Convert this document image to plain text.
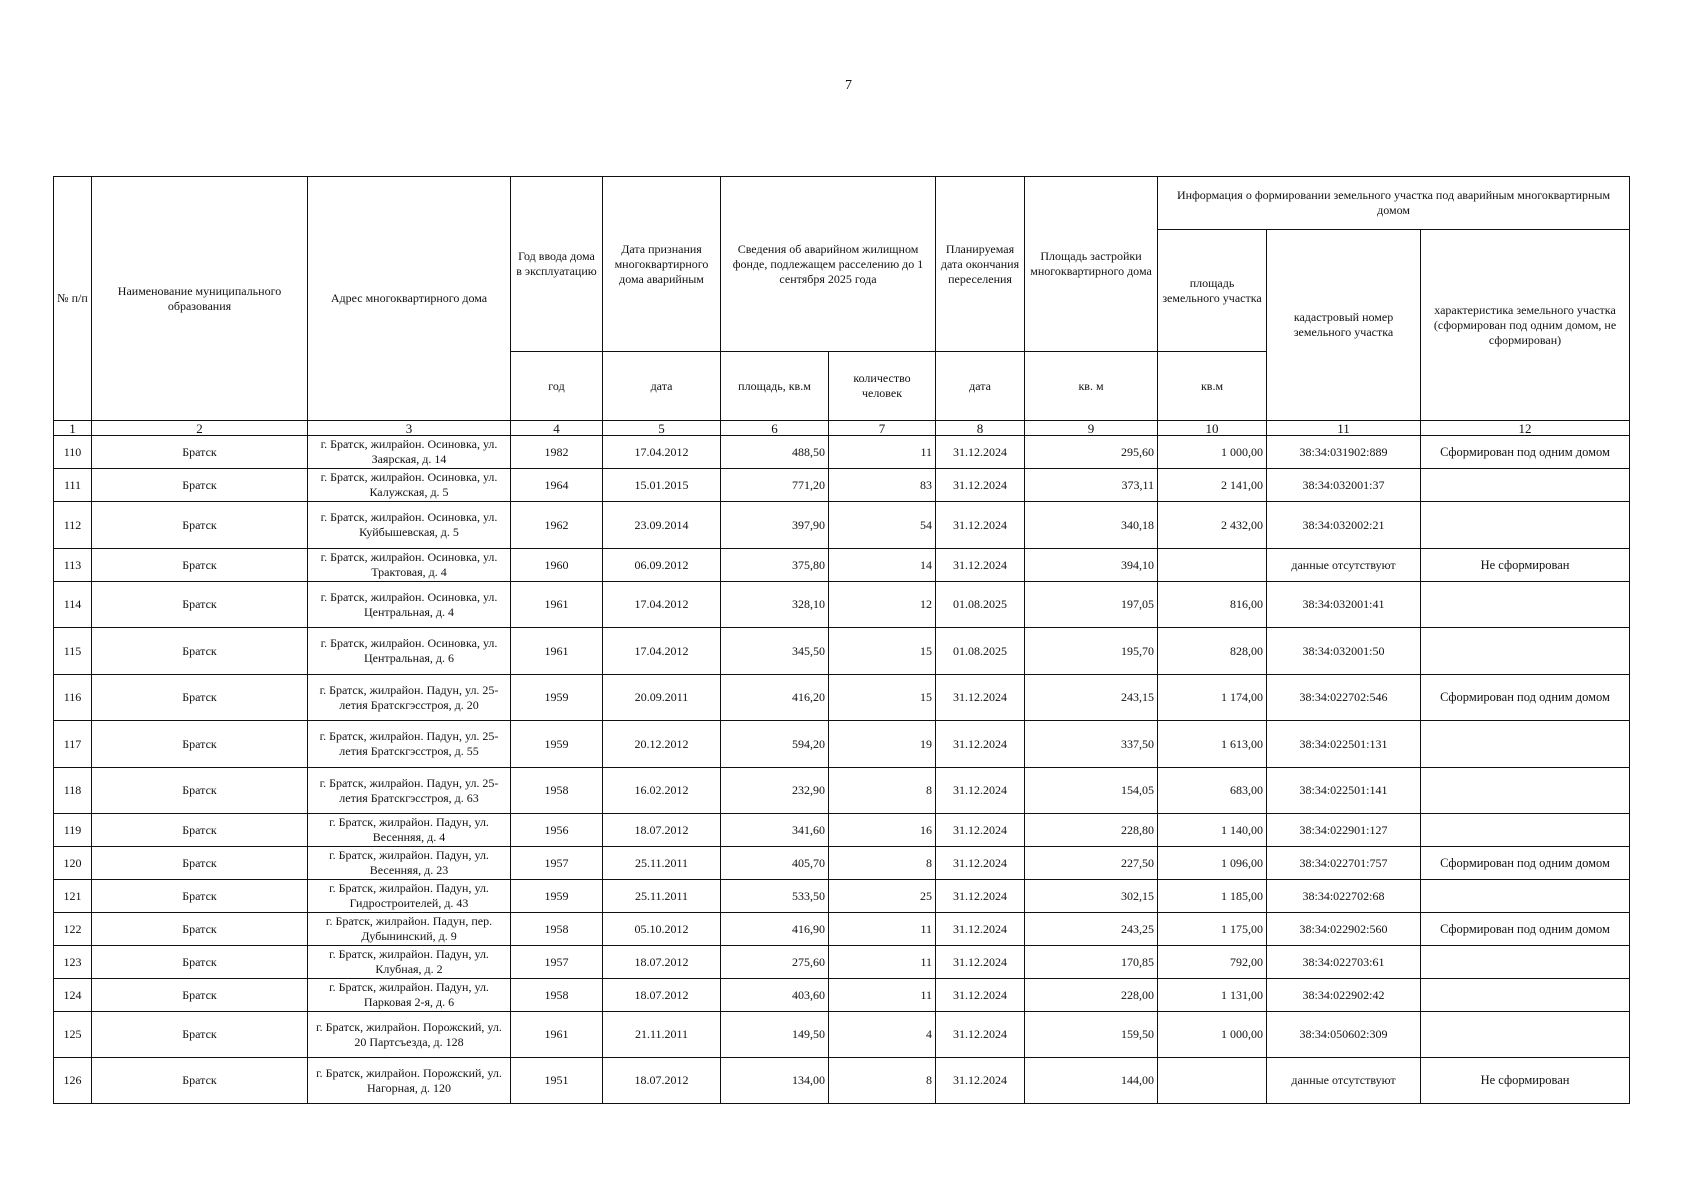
7
№ п/п	Наименование муниципального образования	Адрес многоквартирного дома	Год ввода дома в эксплуатацию	Дата признания многоквартирного дома аварийным	Сведения об аварийном жилищном фонде, подлежащем расселению до 1 сентября 2025 года		Планируемая дата окончания переселения	Площадь застройки многоквартирного дома	Информация о формировании земельного участка под аварийным многоквартирным домом		
									площадь земельного участка	кадастровый номер земельного участка	характеристика земельного участка (сформирован под одним домом, не сформирован)
			год	дата	площадь, кв.м	количество человек	дата	кв. м	кв.м		
1	2	3	4	5	6	7	8	9	10	11	12
110	Братск	г. Братск, жилрайон. Осиновка, ул. Заярская, д. 14	1982	17.04.2012	488,50	11	31.12.2024	295,60	1 000,00	38:34:031902:889	Сформирован под одним домом
111	Братск	г. Братск, жилрайон. Осиновка, ул. Калужская, д. 5	1964	15.01.2015	771,20	83	31.12.2024	373,11	2 141,00	38:34:032001:37	
112	Братск	г. Братск, жилрайон. Осиновка, ул. Куйбышевская, д. 5	1962	23.09.2014	397,90	54	31.12.2024	340,18	2 432,00	38:34:032002:21	
113	Братск	г. Братск, жилрайон. Осиновка, ул. Трактовая, д. 4	1960	06.09.2012	375,80	14	31.12.2024	394,10		данные отсутствуют	Не сформирован
114	Братск	г. Братск, жилрайон. Осиновка, ул. Центральная, д. 4	1961	17.04.2012	328,10	12	01.08.2025	197,05	816,00	38:34:032001:41	
115	Братск	г. Братск, жилрайон. Осиновка, ул. Центральная, д. 6	1961	17.04.2012	345,50	15	01.08.2025	195,70	828,00	38:34:032001:50	
116	Братск	г. Братск, жилрайон. Падун, ул. 25-летия Братскгэсстроя, д. 20	1959	20.09.2011	416,20	15	31.12.2024	243,15	1 174,00	38:34:022702:546	Сформирован под одним домом
117	Братск	г. Братск, жилрайон. Падун, ул. 25-летия Братскгэсстроя, д. 55	1959	20.12.2012	594,20	19	31.12.2024	337,50	1 613,00	38:34:022501:131	
118	Братск	г. Братск, жилрайон. Падун, ул. 25-летия Братскгэсстроя, д. 63	1958	16.02.2012	232,90	8	31.12.2024	154,05	683,00	38:34:022501:141	
119	Братск	г. Братск, жилрайон. Падун, ул. Весенняя, д. 4	1956	18.07.2012	341,60	16	31.12.2024	228,80	1 140,00	38:34:022901:127	
120	Братск	г. Братск, жилрайон. Падун, ул. Весенняя, д. 23	1957	25.11.2011	405,70	8	31.12.2024	227,50	1 096,00	38:34:022701:757	Сформирован под одним домом
121	Братск	г. Братск, жилрайон. Падун, ул. Гидростроителей, д. 43	1959	25.11.2011	533,50	25	31.12.2024	302,15	1 185,00	38:34:022702:68	
122	Братск	г. Братск, жилрайон. Падун, пер. Дубынинский, д. 9	1958	05.10.2012	416,90	11	31.12.2024	243,25	1 175,00	38:34:022902:560	Сформирован под одним домом
123	Братск	г. Братск, жилрайон. Падун, ул. Клубная, д. 2	1957	18.07.2012	275,60	11	31.12.2024	170,85	792,00	38:34:022703:61	
124	Братск	г. Братск, жилрайон. Падун, ул. Парковая 2-я, д. 6	1958	18.07.2012	403,60	11	31.12.2024	228,00	1 131,00	38:34:022902:42	
125	Братск	г. Братск, жилрайон. Порожский, ул. 20 Партсъезда, д. 128	1961	21.11.2011	149,50	4	31.12.2024	159,50	1 000,00	38:34:050602:309	
126	Братск	г. Братск, жилрайон. Порожский, ул. Нагорная, д. 120	1951	18.07.2012	134,00	8	31.12.2024	144,00		данные отсутствуют	Не сформирован
